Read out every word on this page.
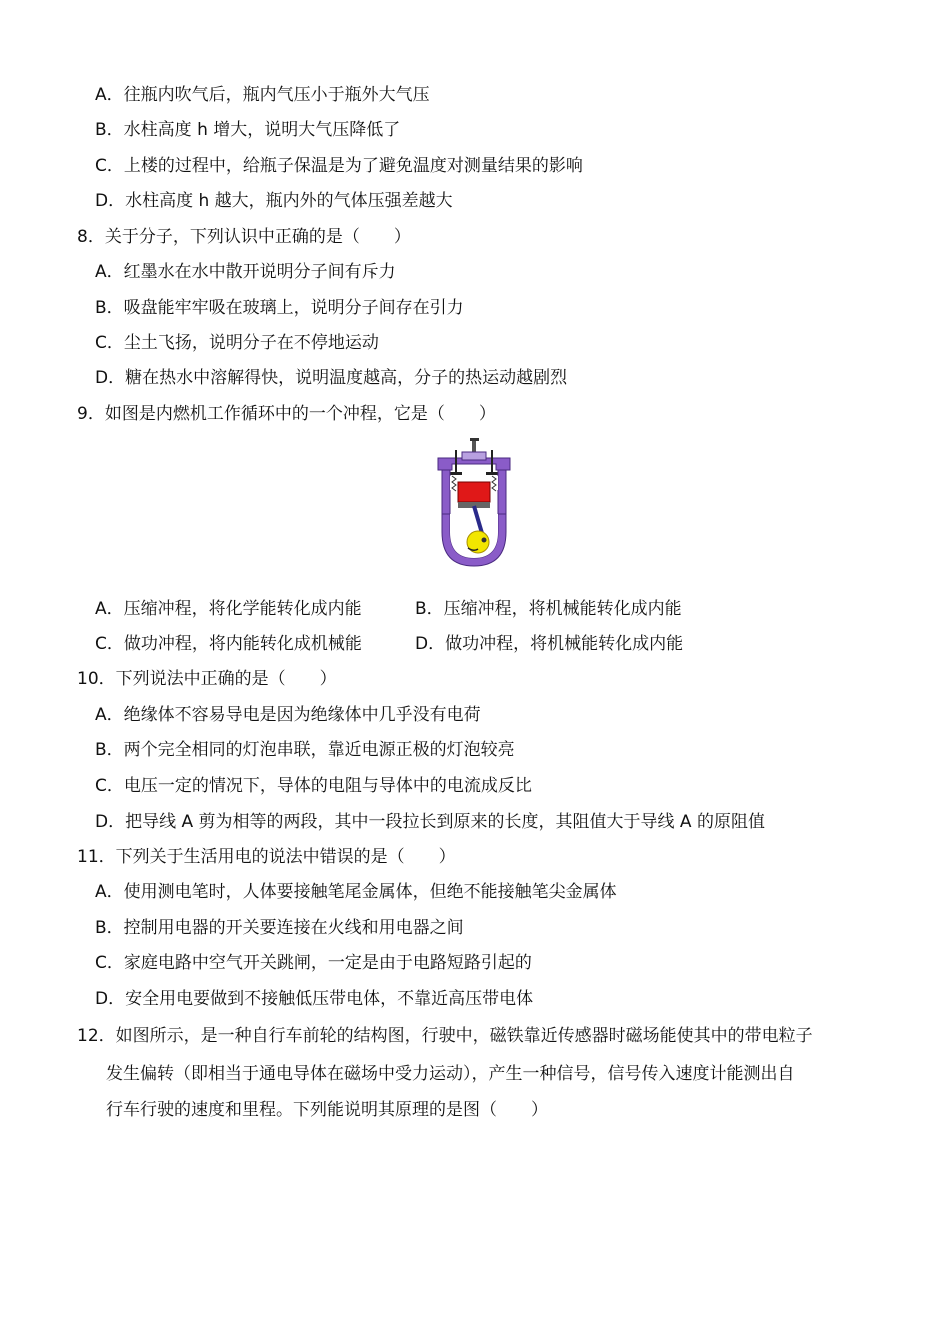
A．往瓶内吹气后，瓶内气压小于瓶外大气压
B．水柱高度 h 增大，说明大气压降低了
C．上楼的过程中，给瓶子保温是为了避免温度对测量结果的影响
D．水柱高度 h 越大，瓶内外的气体压强差越大
8．关于分子，下列认识中正确的是（　　）
A．红墨水在水中散开说明分子间有斥力
B．吸盘能牢牢吸在玻璃上，说明分子间存在引力
C．尘土飞扬，说明分子在不停地运动
D．糖在热水中溶解得快，说明温度越高，分子的热运动越剧烈
9．如图是内燃机工作循环中的一个冲程，它是（　　）
A．压缩冲程，将化学能转化成内能	B．压缩冲程，将机械能转化成内能
C．做功冲程，将内能转化成机械能	D．做功冲程，将机械能转化成内能
10．下列说法中正确的是（　　）
A．绝缘体不容易导电是因为绝缘体中几乎没有电荷
B．两个完全相同的灯泡串联，靠近电源正极的灯泡较亮
C．电压一定的情况下，导体的电阻与导体中的电流成反比
D．把导线 A 剪为相等的两段，其中一段拉长到原来的长度，其阻值大于导线 A 的原阻值
11．下列关于生活用电的说法中错误的是（　　）
A．使用测电笔时，人体要接触笔尾金属体，但绝不能接触笔尖金属体
B．控制用电器的开关要连接在火线和用电器之间
C．家庭电路中空气开关跳闸，一定是由于电路短路引起的
D．安全用电要做到不接触低压带电体，不靠近高压带电体
12．如图所示，是一种自行车前轮的结构图，行驶中，磁铁靠近传感器时磁场能使其中的带电粒子
发生偏转（即相当于通电导体在磁场中受力运动），产生一种信号，信号传入速度计能测出自
行车行驶的速度和里程。下列能说明其原理的是图（　　）
